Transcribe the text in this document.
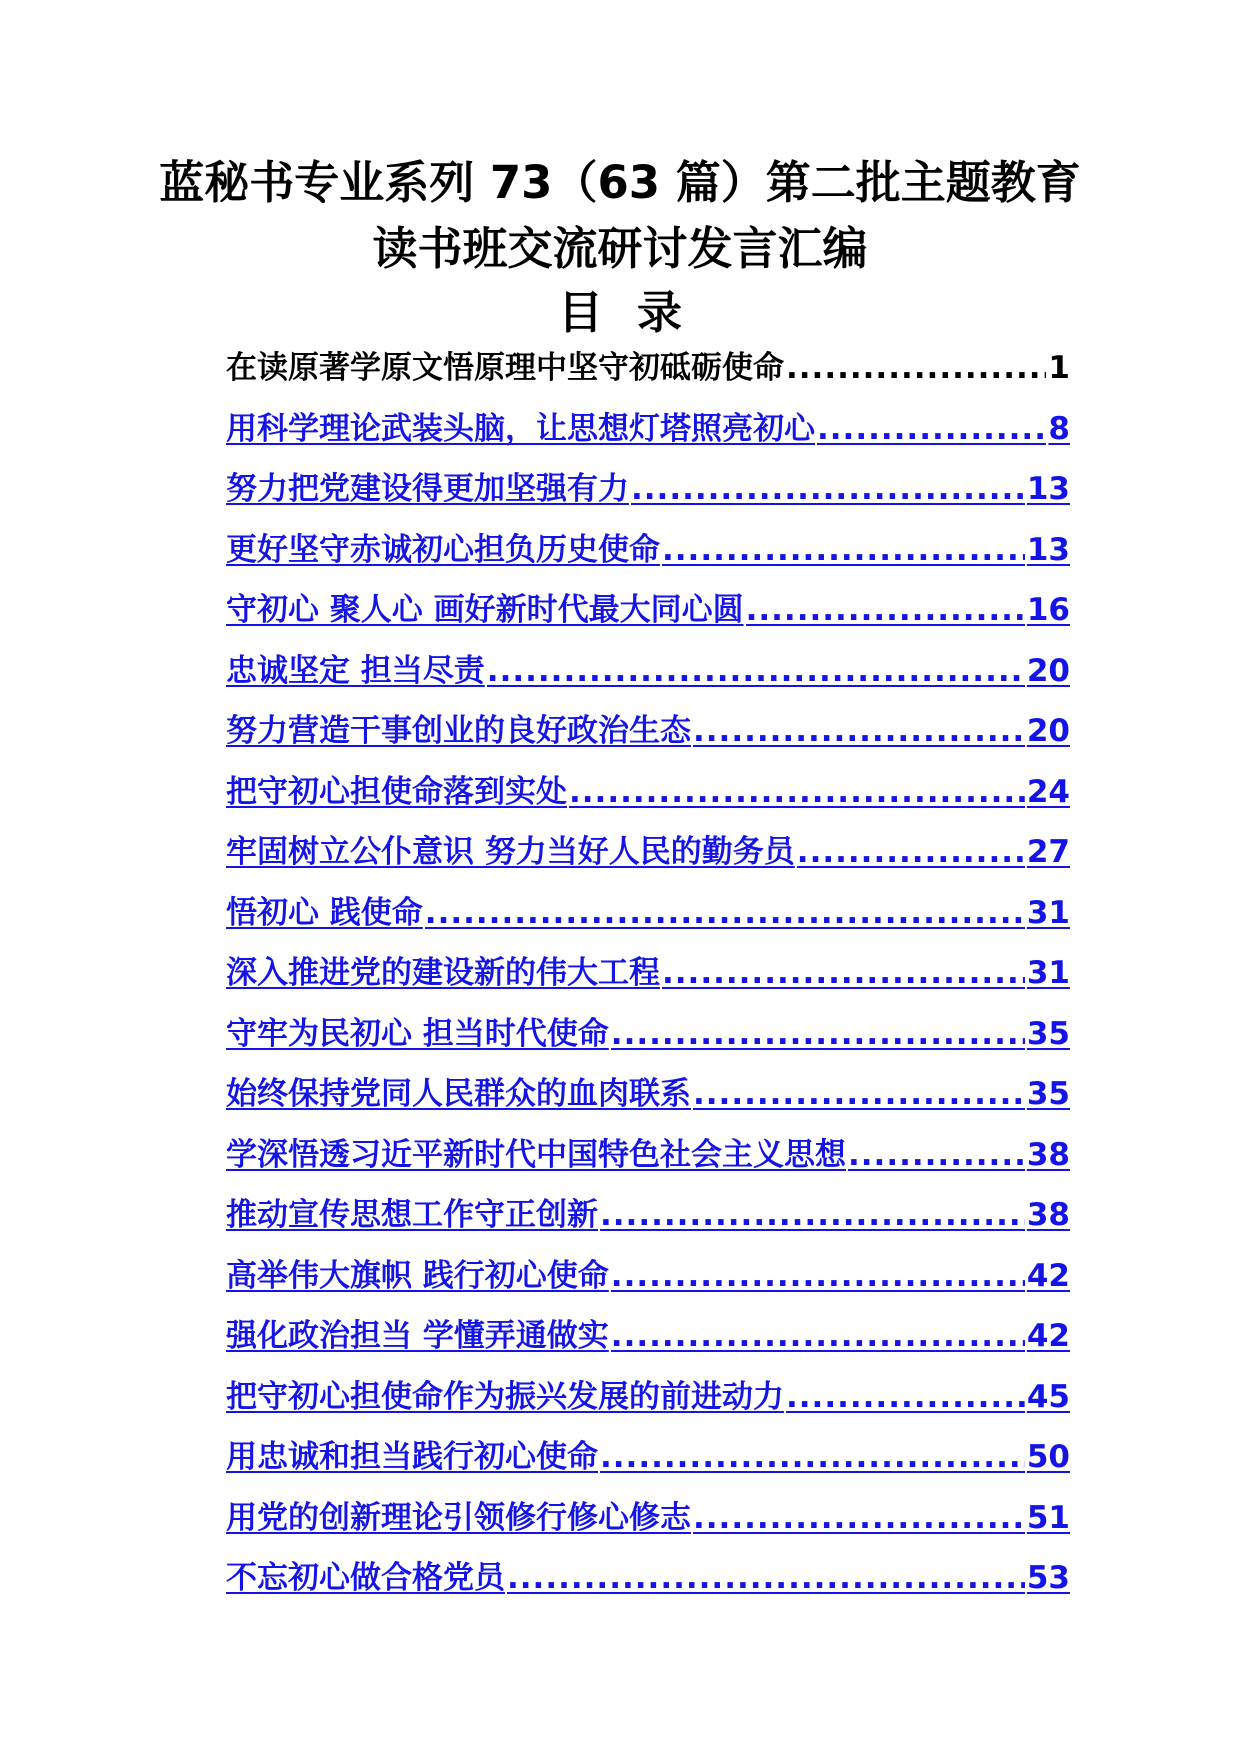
蓝秘书专业系列 73（63 篇）第二批主题教育
读书班交流研讨发言汇编
目录
在读原著学原文悟原理中坚守初砥砺使命 .....	1
用科学理论武装头脑，让思想灯塔照亮初心 .....	8
努力把党建设得更加坚强有力 .....	13
更好坚守赤诚初心担负历史使命 .....	13
守初心 聚人心 画好新时代最大同心圆 .....	16
忠诚坚定 担当尽责 .....	20
努力营造干事创业的良好政治生态 .....	20
把守初心担使命落到实处 .....	24
牢固树立公仆意识 努力当好人民的勤务员 .....	27
悟初心 践使命 .....	31
深入推进党的建设新的伟大工程 .....	31
守牢为民初心 担当时代使命 .....	35
始终保持党同人民群众的血肉联系 .....	35
学深悟透习近平新时代中国特色社会主义思想 .....	38
推动宣传思想工作守正创新 .....	38
高举伟大旗帜 践行初心使命 .....	42
强化政治担当 学懂弄通做实 .....	42
把守初心担使命作为振兴发展的前进动力 .....	45
用忠诚和担当践行初心使命 .....	50
用党的创新理论引领修行修心修志 .....	51
不忘初心做合格党员 .....	53
